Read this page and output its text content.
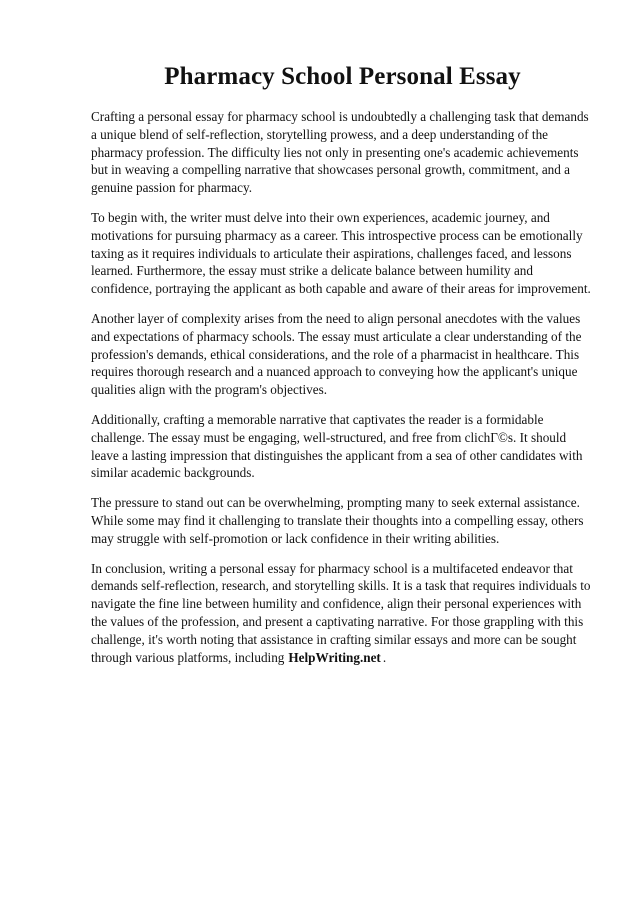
Pharmacy School Personal Essay

Crafting a personal essay for pharmacy school is undoubtedly a challenging task that demands a unique blend of self-reflection, storytelling prowess, and a deep understanding of the pharmacy profession. The difficulty lies not only in presenting one's academic achievements but in weaving a compelling narrative that showcases personal growth, commitment, and a genuine passion for pharmacy.

To begin with, the writer must delve into their own experiences, academic journey, and motivations for pursuing pharmacy as a career. This introspective process can be emotionally taxing as it requires individuals to articulate their aspirations, challenges faced, and lessons learned. Furthermore, the essay must strike a delicate balance between humility and confidence, portraying the applicant as both capable and aware of their areas for improvement.

Another layer of complexity arises from the need to align personal anecdotes with the values and expectations of pharmacy schools. The essay must articulate a clear understanding of the profession's demands, ethical considerations, and the role of a pharmacist in healthcare. This requires thorough research and a nuanced approach to conveying how the applicant's unique qualities align with the program's objectives.

Additionally, crafting a memorable narrative that captivates the reader is a formidable challenge. The essay must be engaging, well-structured, and free from clichГ©s. It should leave a lasting impression that distinguishes the applicant from a sea of other candidates with similar academic backgrounds.

The pressure to stand out can be overwhelming, prompting many to seek external assistance. While some may find it challenging to translate their thoughts into a compelling essay, others may struggle with self-promotion or lack confidence in their writing abilities.

In conclusion, writing a personal essay for pharmacy school is a multifaceted endeavor that demands self-reflection, research, and storytelling skills. It is a task that requires individuals to navigate the fine line between humility and confidence, align their personal experiences with the values of the profession, and present a captivating narrative. For those grappling with this challenge, it's worth noting that assistance in crafting similar essays and more can be sought through various platforms, including HelpWriting.net .
